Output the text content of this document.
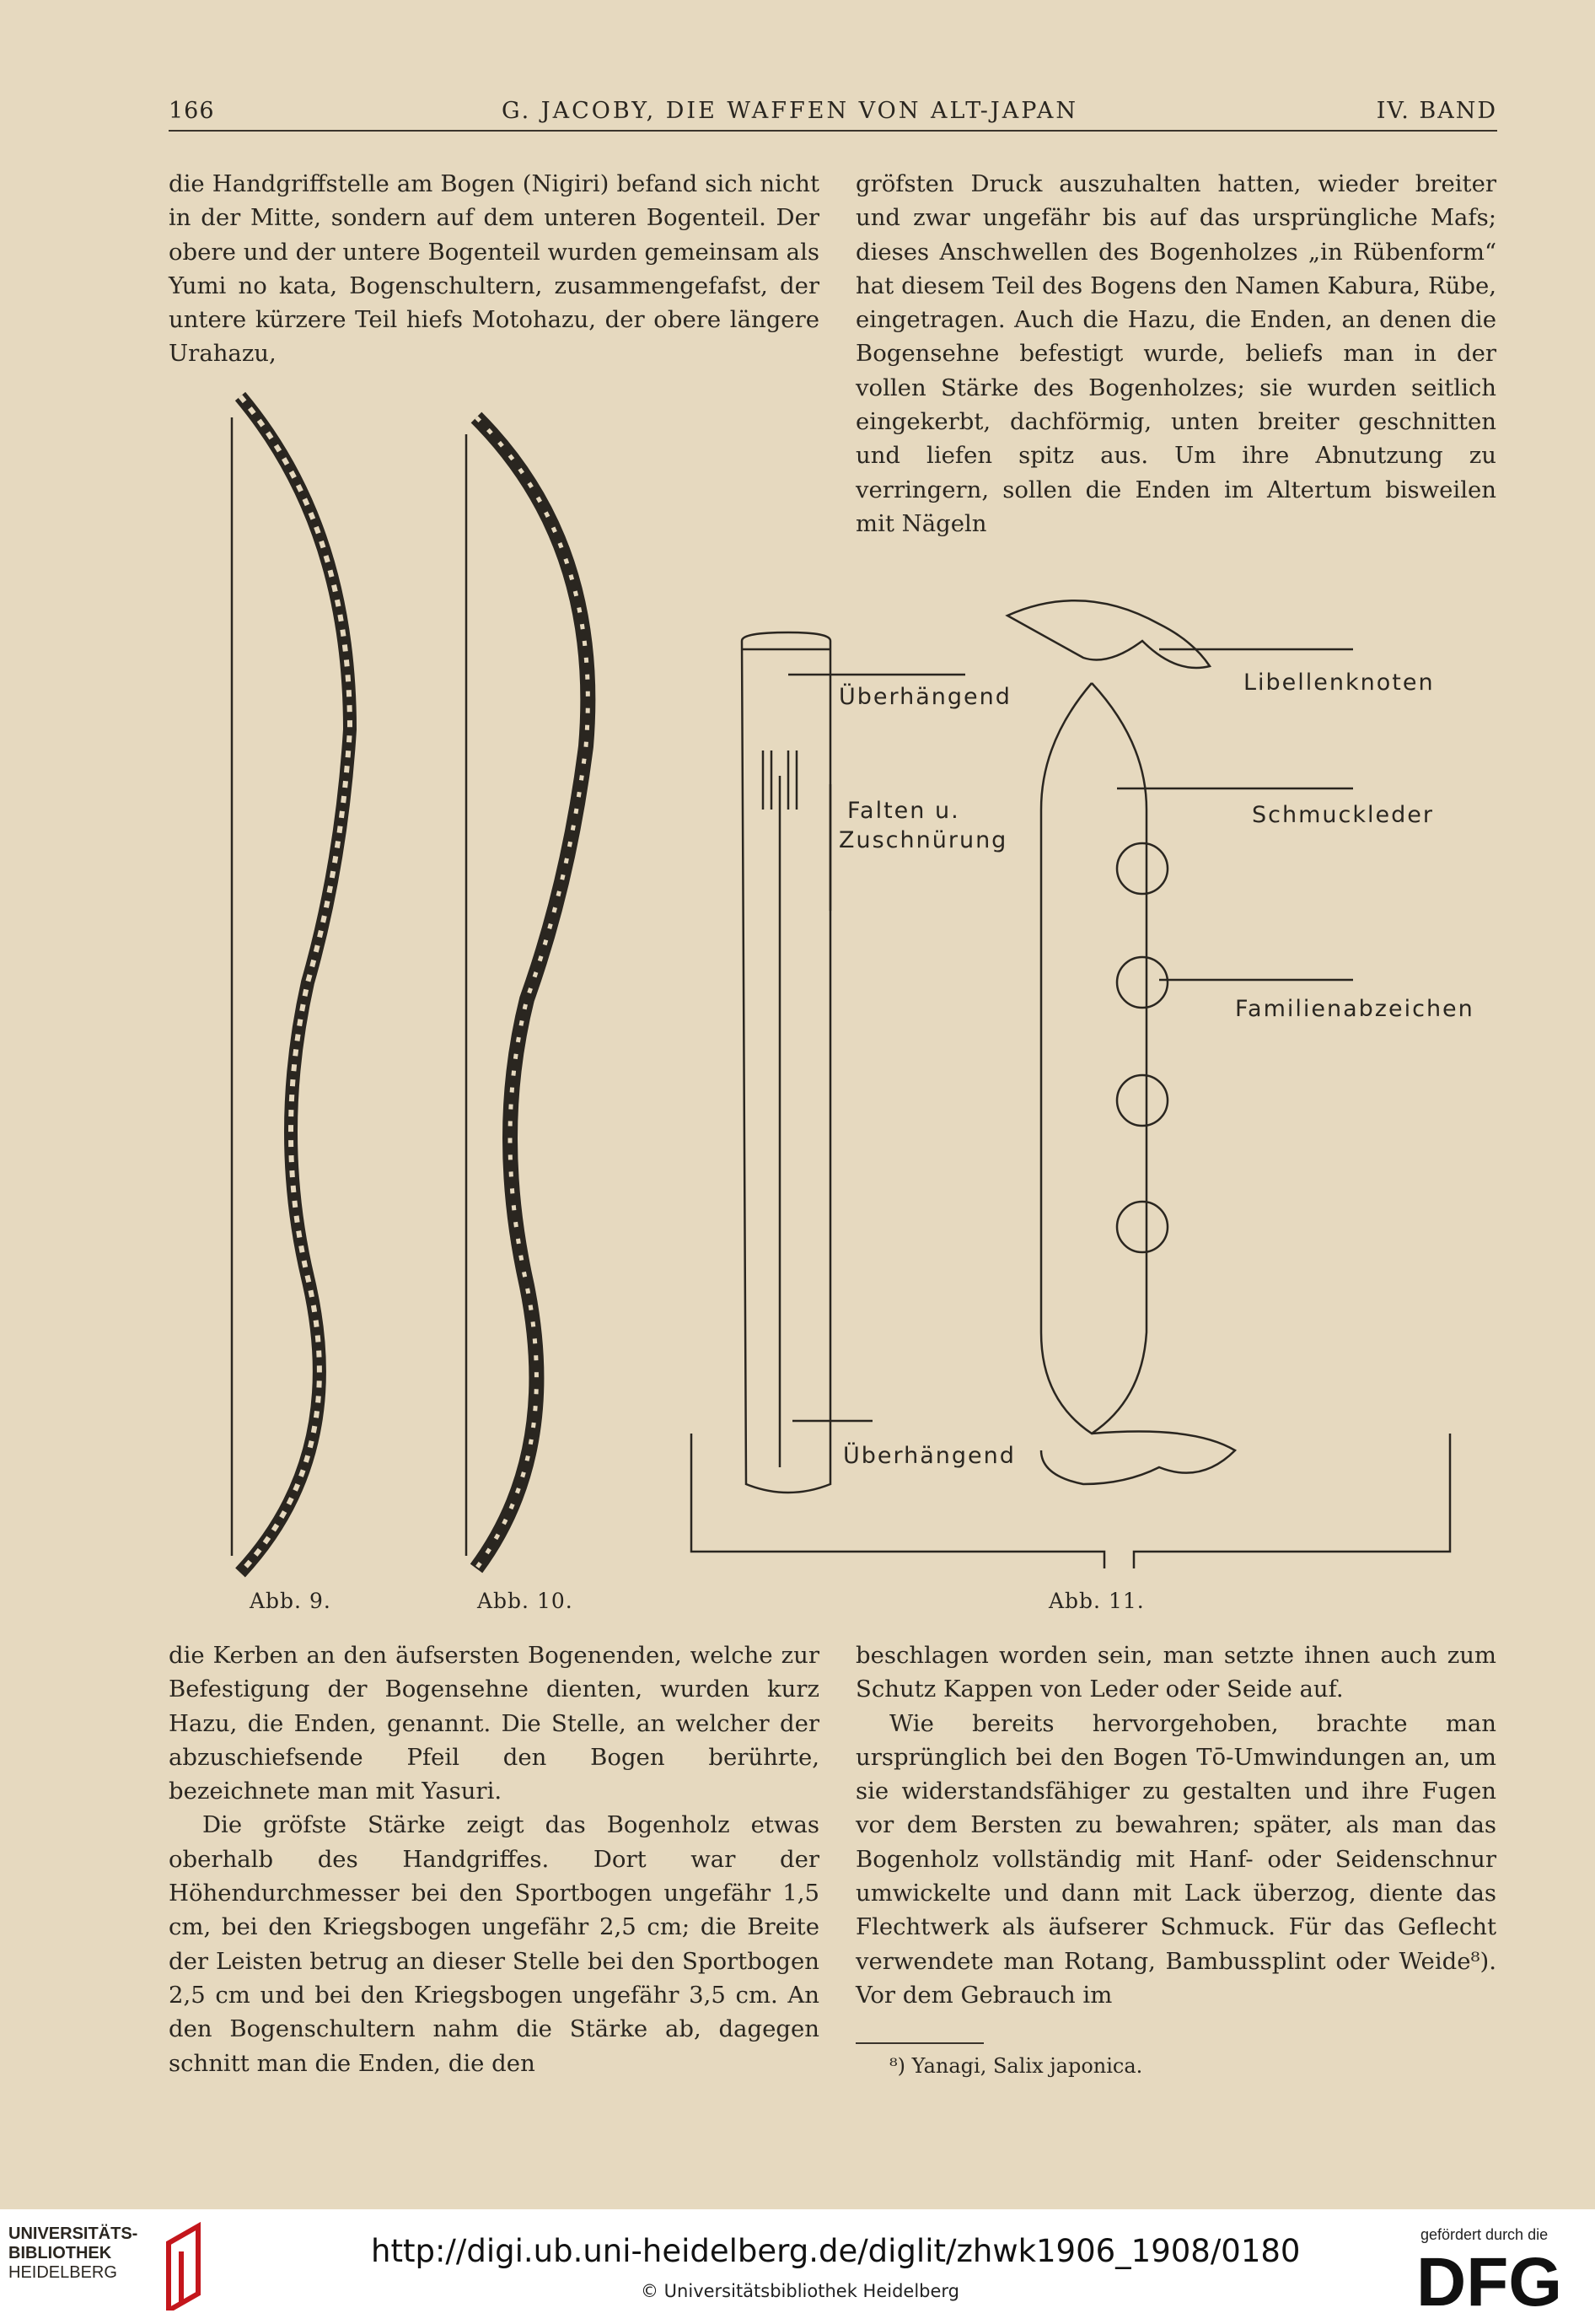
166	G. JACOBY, DIE WAFFEN VON ALT-JAPAN	IV. BAND

die Handgriffstelle am Bogen (Nigiri) befand sich nicht in der Mitte, sondern auf dem unteren Bogenteil. Der obere und der untere Bogenteil wurden gemeinsam als Yumi no kata, Bogenschultern, zusammengefafst, der untere kürzere Teil hiefs Motohazu, der obere längere Urahazu,

gröfsten Druck auszuhalten hatten, wieder breiter und zwar ungefähr bis auf das ursprüngliche Mafs; dieses Anschwellen des Bogenholzes „in Rübenform“ hat diesem Teil des Bogens den Namen Kabura, Rübe, eingetragen. Auch die Hazu, die Enden, an denen die Bogensehne befestigt wurde, beliefs man in der vollen Stärke des Bogenholzes; sie wurden seitlich eingekerbt, dachförmig, unten breiter geschnitten und liefen spitz aus. Um ihre Abnutzung zu verringern, sollen die Enden im Altertum bisweilen mit Nägeln

Überhängend
Falten u.
Zuschnürung
Überhängend
Libellenknoten
Schmuckleder
Familienabzeichen
Abb. 9.	Abb. 10.	Abb. 11.

die Kerben an den äufsersten Bogenenden, welche zur Befestigung der Bogensehne dienten, wurden kurz Hazu, die Enden, genannt. Die Stelle, an welcher der abzuschiefsende Pfeil den Bogen berührte, bezeichnete man mit Yasuri.

Die gröfste Stärke zeigt das Bogenholz etwas oberhalb des Handgriffes. Dort war der Höhendurchmesser bei den Sportbogen ungefähr 1,5 cm, bei den Kriegsbogen ungefähr 2,5 cm; die Breite der Leisten betrug an dieser Stelle bei den Sportbogen 2,5 cm und bei den Kriegsbogen ungefähr 3,5 cm. An den Bogenschultern nahm die Stärke ab, dagegen schnitt man die Enden, die den

beschlagen worden sein, man setzte ihnen auch zum Schutz Kappen von Leder oder Seide auf.

Wie bereits hervorgehoben, brachte man ursprünglich bei den Bogen Tō-Umwindungen an, um sie widerstandsfähiger zu gestalten und ihre Fugen vor dem Bersten zu bewahren; später, als man das Bogenholz vollständig mit Hanf- oder Seidenschnur umwickelte und dann mit Lack überzog, diente das Flechtwerk als äufserer Schmuck. Für das Geflecht verwendete man Rotang, Bambussplint oder Weide⁸). Vor dem Gebrauch im

⁸) Yanagi, Salix japonica.
UNIVERSITÄTS-
BIBLIOTHEK
HEIDELBERG
http://digi.ub.uni-heidelberg.de/diglit/zhwk1906_1908/0180
© Universitätsbibliothek Heidelberg
gefördert durch die
DFG
